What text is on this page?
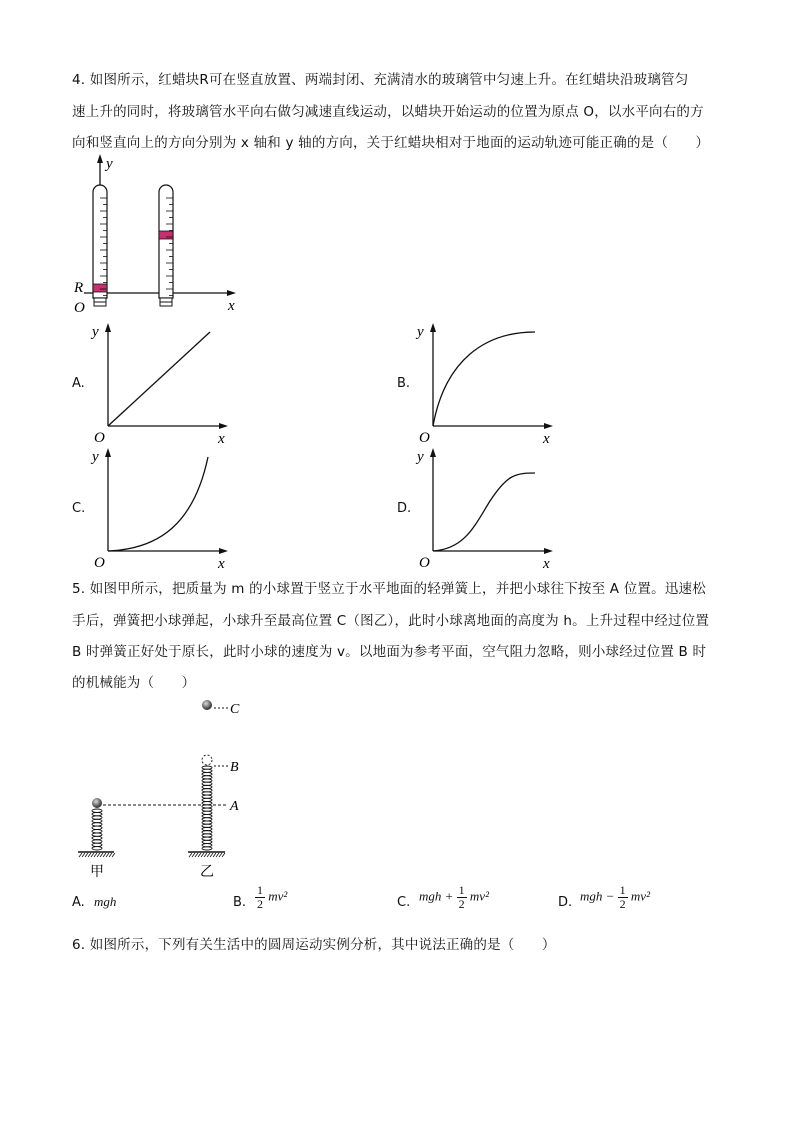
4. 如图所示，红蜡块R可在竖直放置、两端封闭、充满清水的玻璃管中匀速上升。在红蜡块沿玻璃管匀
速上升的同时，将玻璃管水平向右做匀减速直线运动，以蜡块开始运动的位置为原点 O，以水平向右的方
向和竖直向上的方向分别为 x 轴和 y 轴的方向，关于红蜡块相对于地面的运动轨迹可能正确的是（　　）
y
x
R
O
A.
y
x
O
B.
y
x
O
C.
y
x
O
D.
y
x
O
5. 如图甲所示，把质量为 m 的小球置于竖立于水平地面的轻弹簧上，并把小球往下按至 A 位置。迅速松
手后，弹簧把小球弹起，小球升至最高位置 C（图乙），此时小球离地面的高度为 h。上升过程中经过位置
B 时弹簧正好处于原长，此时小球的速度为 v。以地面为参考平面，空气阻力忽略，则小球经过位置 B 时
的机械能为（　　）
C
B
A
甲	乙
A. mgh	B. $\frac{1}{2} mv^2$	C. mgh + $\frac{1}{2} mv^2$	D. mgh − $\frac{1}{2} mv^2$
6. 如图所示，下列有关生活中的圆周运动实例分析，其中说法正确的是（　　）
